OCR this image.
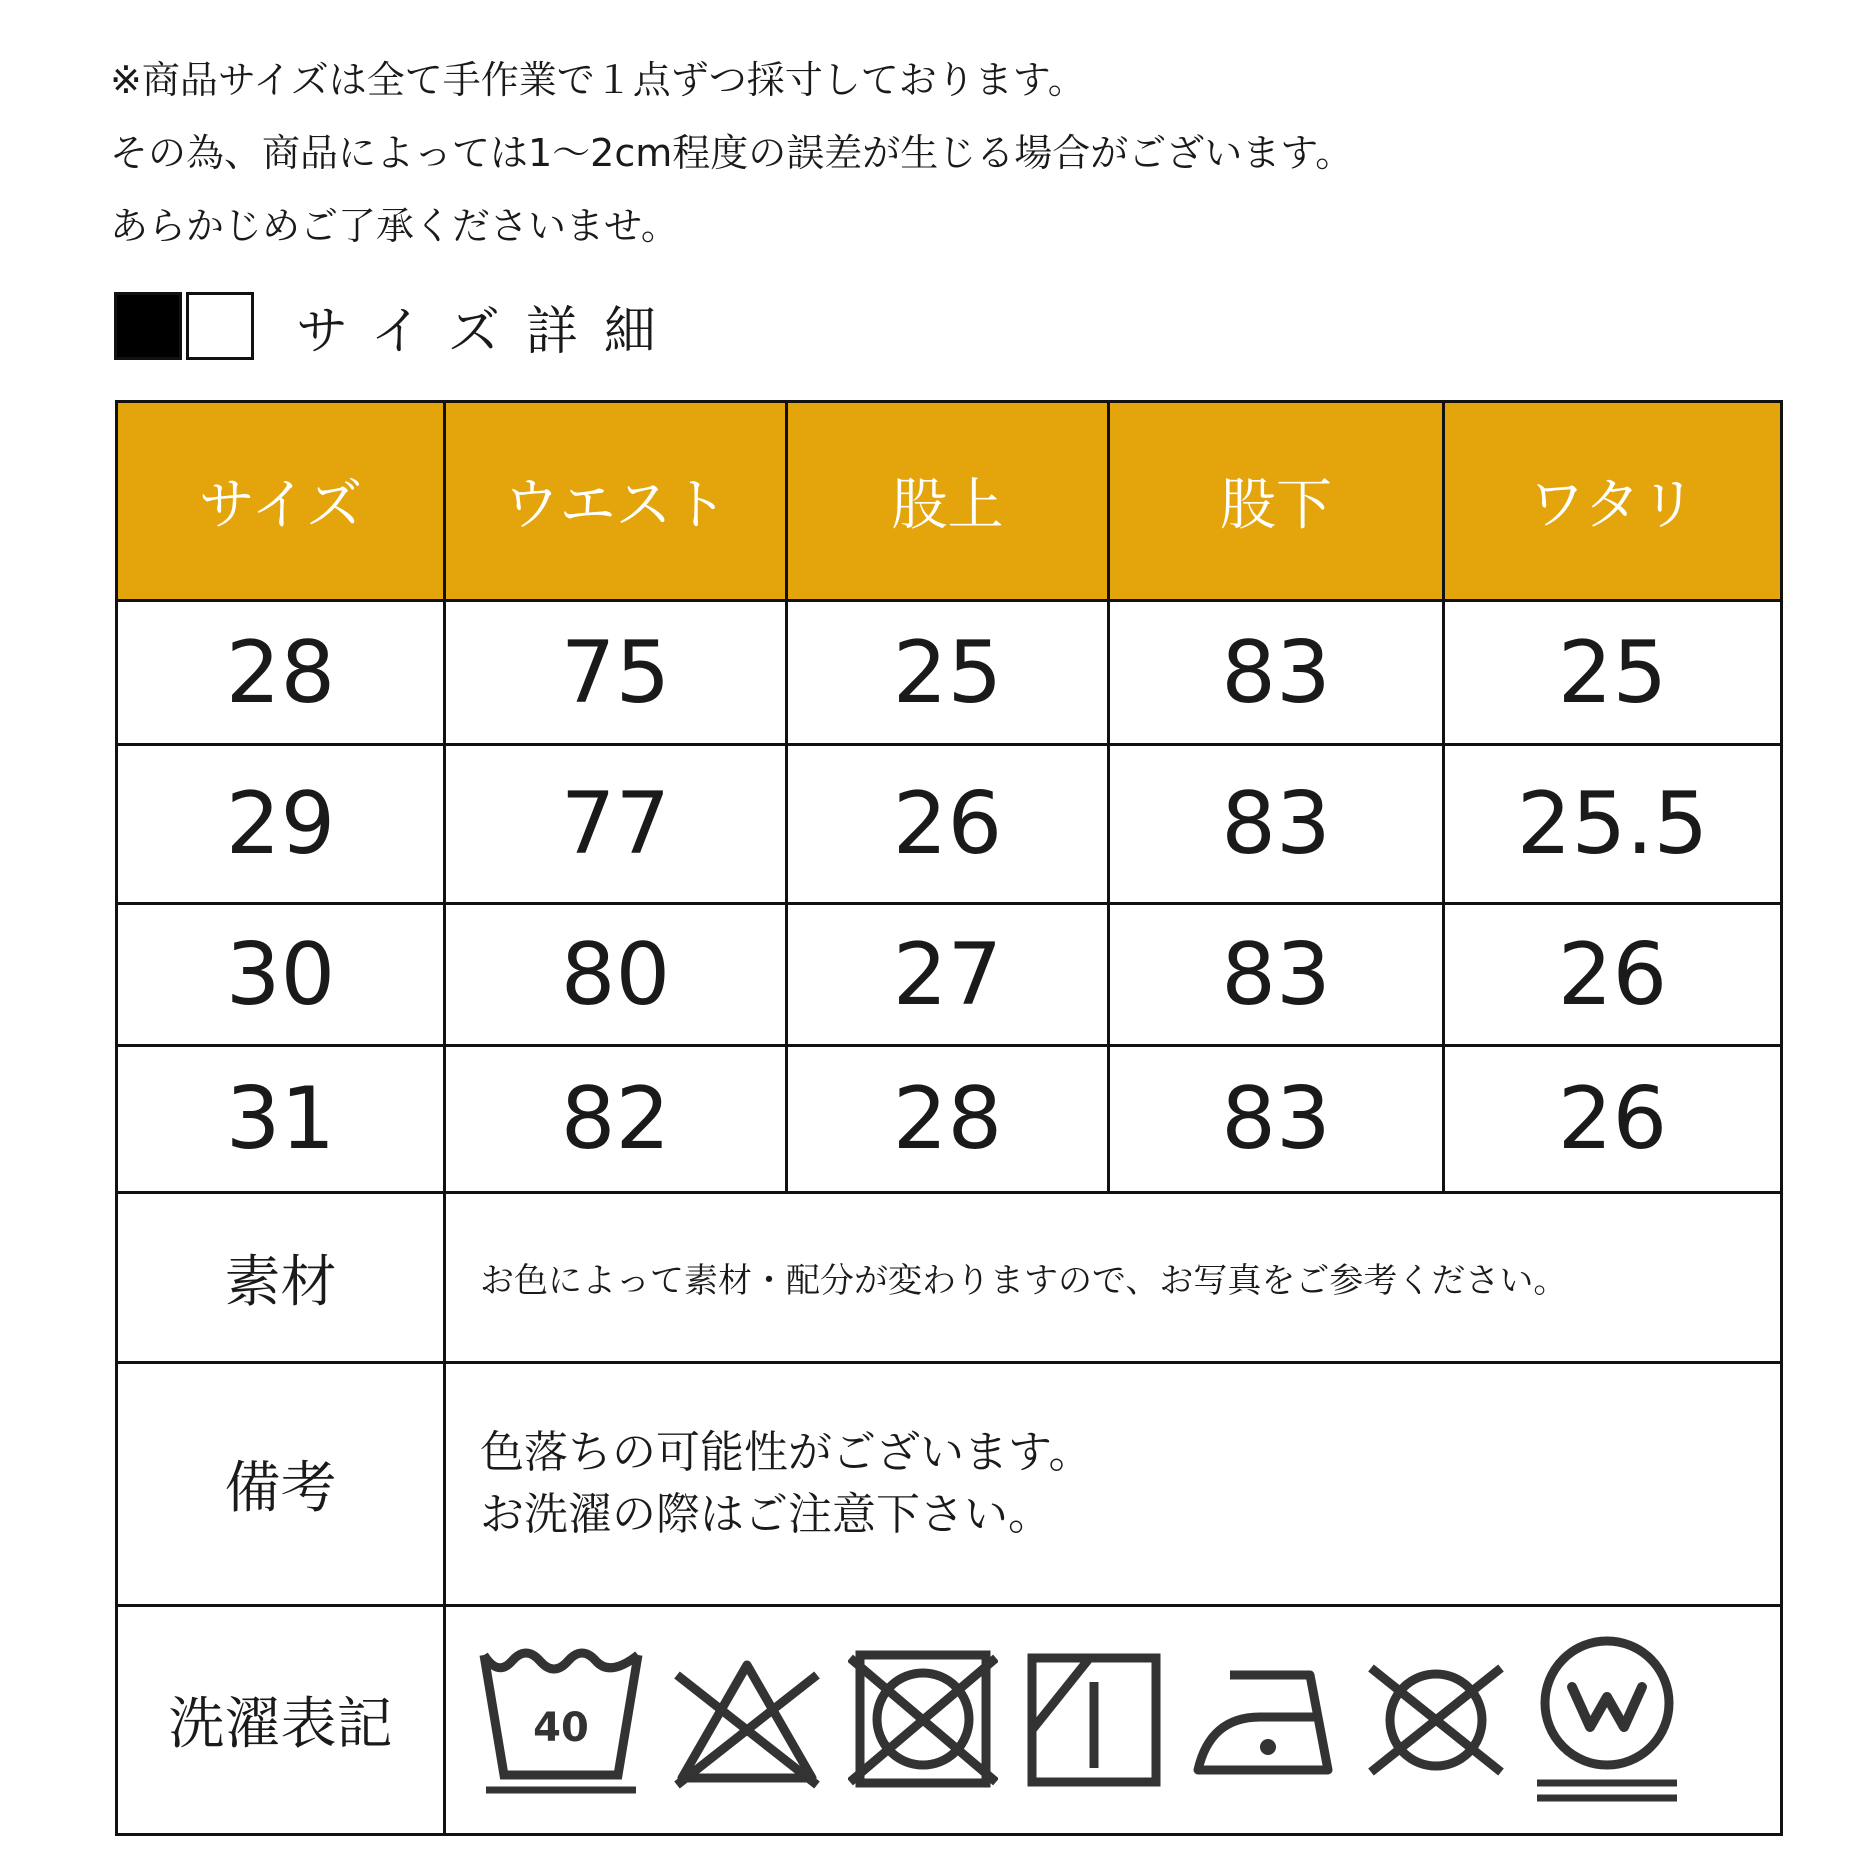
※商品サイズは全て手作業で１点ずつ採寸しております。
その為、商品によっては1～2cm程度の誤差が生じる場合がございます。
あらかじめご了承くださいませ。
サイズ詳細
サイズ	ウエスト	股上	股下	ワタリ
28	75	25	83	25
29	77	26	83	25.5
30	80	27	83	26
31	82	28	83	26
素材	お色によって素材・配分が変わりますので、お写真をご参考ください。			
備考	色落ちの可能性がございます。
お洗濯の際はご注意下さい。			

洗濯表記	40			
